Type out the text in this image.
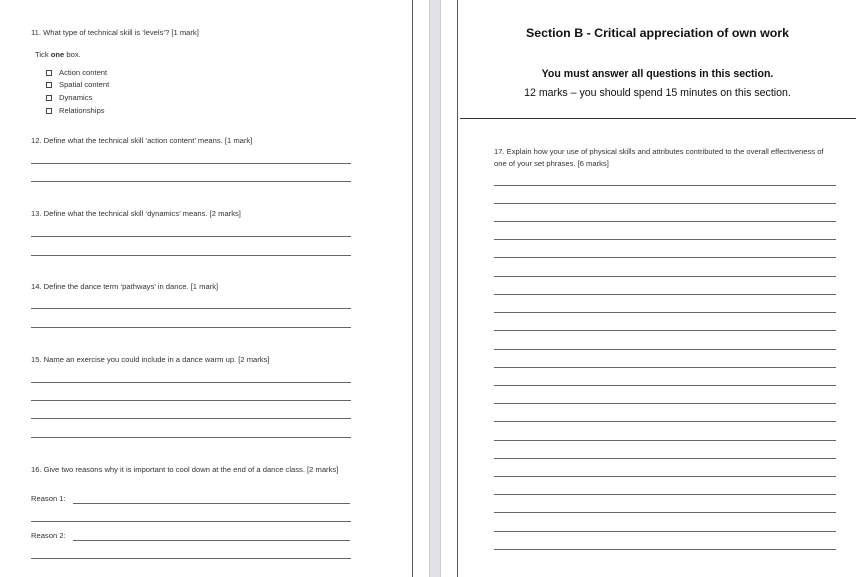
11. What type of technical skill is ‘levels’? [1 mark]
Tick one box.
Action content
Spatial content
Dynamics
Relationships
12. Define what the technical skill ‘action content’ means. [1 mark]
13. Define what the technical skill ‘dynamics’ means. [2 marks]
14. Define the dance term ‘pathways’ in dance. [1 mark]
15. Name an exercise you could include in a dance warm up. [2 marks]
16. Give two reasons why it is important to cool down at the end of a dance class. [2 marks]
Reason 1:
Reason 2:
Section B - Critical appreciation of own work
You must answer all questions in this section.
12 marks – you should spend 15 minutes on this section.
17. Explain how your use of physical skills and attributes contributed to the overall effectiveness of one of your set phrases. [6 marks]
